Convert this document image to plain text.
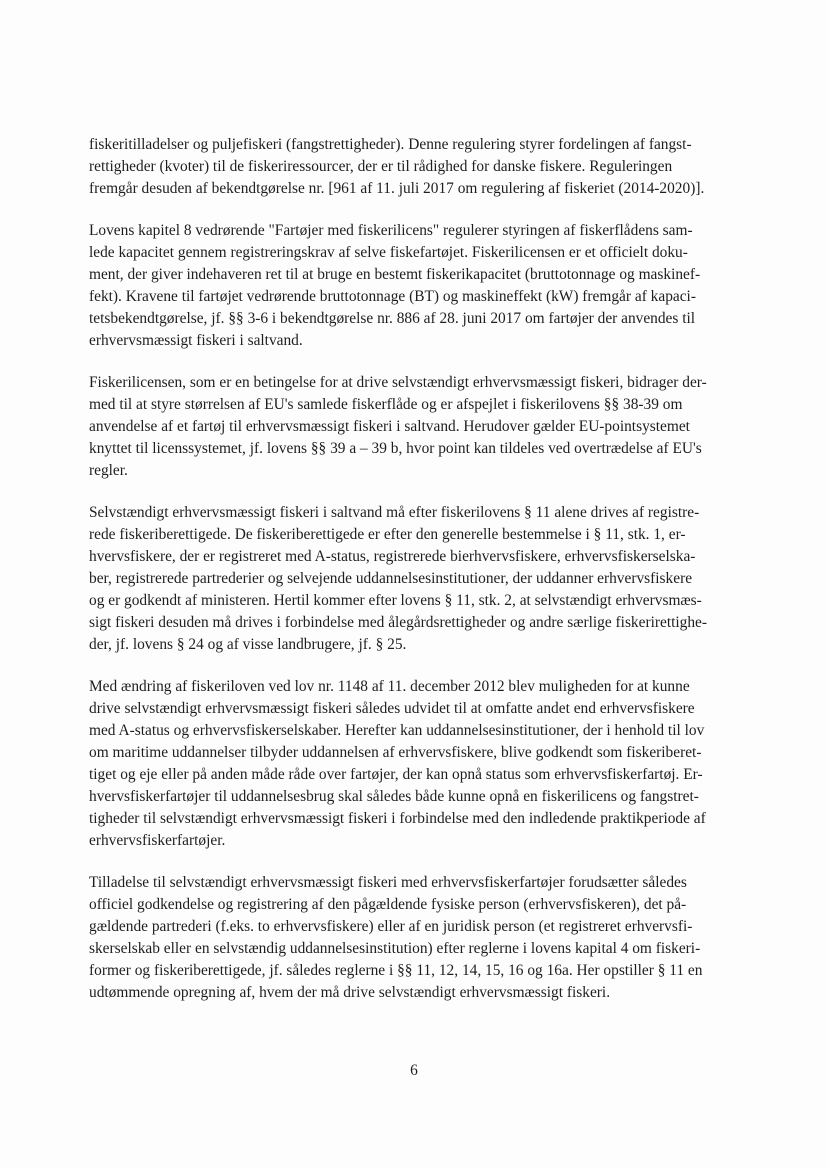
fiskeritilladelser og puljefiskeri (fangstrettigheder). Denne regulering styrer fordelingen af fangst-
rettigheder (kvoter) til de fiskeriressourcer, der er til rådighed for danske fiskere. Reguleringen
fremgår desuden af bekendtgørelse nr. [961 af 11. juli 2017 om regulering af fiskeriet (2014-2020)].

Lovens kapitel 8 vedrørende "Fartøjer med fiskerilicens" regulerer styringen af fiskerflådens sam-
lede kapacitet gennem registreringskrav af selve fiskefartøjet. Fiskerilicensen er et officielt doku-
ment, der giver indehaveren ret til at bruge en bestemt fiskerikapacitet (bruttotonnage og maskinef-
fekt). Kravene til fartøjet vedrørende bruttotonnage (BT) og maskineffekt (kW) fremgår af kapaci-
tetsbekendtgørelse, jf. §§ 3-6 i bekendtgørelse nr. 886 af 28. juni 2017 om fartøjer der anvendes til
erhvervsmæssigt fiskeri i saltvand.

Fiskerilicensen, som er en betingelse for at drive selvstændigt erhvervsmæssigt fiskeri, bidrager der-
med til at styre størrelsen af EU's samlede fiskerflåde og er afspejlet i fiskerilovens §§ 38-39 om
anvendelse af et fartøj til erhvervsmæssigt fiskeri i saltvand. Herudover gælder EU-pointsystemet
knyttet til licenssystemet, jf. lovens §§ 39 a – 39 b, hvor point kan tildeles ved overtrædelse af EU's
regler.

Selvstændigt erhvervsmæssigt fiskeri i saltvand må efter fiskerilovens § 11 alene drives af registre-
rede fiskeriberettigede. De fiskeriberettigede er efter den generelle bestemmelse i § 11, stk. 1, er-
hvervsfiskere, der er registreret med A-status, registrerede bierhvervsfiskere, erhvervsfiskerselska-
ber, registrerede partrederier og selvejende uddannelsesinstitutioner, der uddanner erhvervsfiskere
og er godkendt af ministeren. Hertil kommer efter lovens § 11, stk. 2, at selvstændigt erhvervsmæs-
sigt fiskeri desuden må drives i forbindelse med ålegårdsrettigheder og andre særlige fiskerirettighe-
der, jf. lovens § 24 og af visse landbrugere, jf. § 25.

Med ændring af fiskeriloven ved lov nr. 1148 af 11. december 2012 blev muligheden for at kunne
drive selvstændigt erhvervsmæssigt fiskeri således udvidet til at omfatte andet end erhvervsfiskere
med A-status og erhvervsfiskerselskaber. Herefter kan uddannelsesinstitutioner, der i henhold til lov
om maritime uddannelser tilbyder uddannelsen af erhvervsfiskere, blive godkendt som fiskeriberet-
tiget og eje eller på anden måde råde over fartøjer, der kan opnå status som erhvervsfiskerfartøj. Er-
hvervsfiskerfartøjer til uddannelsesbrug skal således både kunne opnå en fiskerilicens og fangstret-
tigheder til selvstændigt erhvervsmæssigt fiskeri i forbindelse med den indledende praktikperiode af
erhvervsfiskerfartøjer.

Tilladelse til selvstændigt erhvervsmæssigt fiskeri med erhvervsfiskerfartøjer forudsætter således
officiel godkendelse og registrering af den pågældende fysiske person (erhvervsfiskeren), det på-
gældende partrederi (f.eks. to erhvervsfiskere) eller af en juridisk person (et registreret erhvervsfi-
skerselskab eller en selvstændig uddannelsesinstitution) efter reglerne i lovens kapital 4 om fiskeri-
former og fiskeriberettigede, jf. således reglerne i §§ 11, 12, 14, 15, 16 og 16a. Her opstiller § 11 en
udtømmende opregning af, hvem der må drive selvstændigt erhvervsmæssigt fiskeri.

6
